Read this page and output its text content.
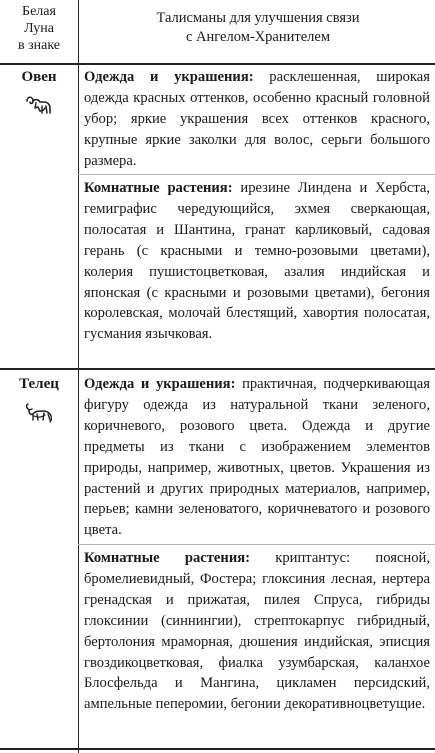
Белая
Луна
в знаке
Талисманы для улучшения связи
с Ангелом-Хранителем
Овен	Одежда и украшения: расклешенная, широкая одежда красных оттенков, особенно красный головной убор; яркие украшения всех оттенков красного, крупные яркие заколки для волос, серьги большого размера.
Комнатные растения: ирезине Линдена и Хербста, гемиграфис чередующийся, эхмея сверкающая, полосатая и Шантина, гранат карликовый, садовая герань (с красными и темно-розовыми цветами), колерия пушистоцветковая, азалия индийская и японская (с красными и розовыми цветами), бегония королевская, молочай блестящий, хавортия полосатая, гусмания язычковая.
Телец	Одежда и украшения: практичная, подчеркивающая фигуру одежда из натуральной ткани зеленого, коричневого, розового цвета. Одежда и другие предметы из ткани с изображением элементов природы, например, животных, цветов. Украшения из растений и других природных материалов, например, перьев; камни зеленоватого, коричневатого и розового цвета.
Комнатные растения: криптантус: поясной, бромелиевидный, Фостера; глоксиния лесная, нертера гренадская и прижатая, пилея Спруса, гибриды глоксинии (синнингии), стрептокарпус гибридный, бертолония мраморная, дюшения индийская, эписция гвоздикоцветковая, фиалка узумбарская, каланхое Блосфельда и Мангина, цикламен персидский, ампельные пеперомии, бегонии декоративноцветущие.
